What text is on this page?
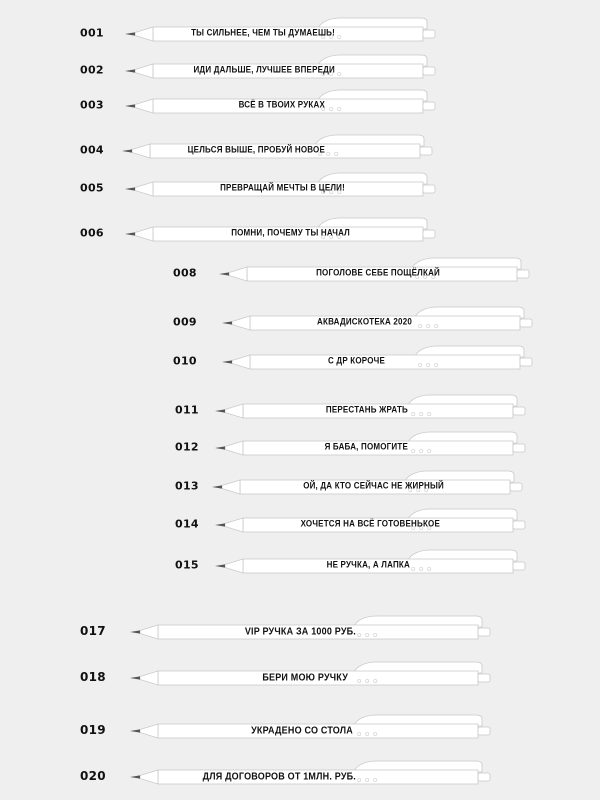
001	ТЫ СИЛЬНЕЕ, ЧЕМ ТЫ ДУМАЕШЬ!
002	ИДИ ДАЛЬШЕ, ЛУЧШЕЕ ВПЕРЕДИ
003	ВСЁ В ТВОИХ РУКАХ
004	ЦЕЛЬСЯ ВЫШЕ, ПРОБУЙ НОВОЕ
005	ПРЕВРАЩАЙ МЕЧТЫ В ЦЕЛИ!
006	ПОМНИ, ПОЧЕМУ ТЫ НАЧАЛ
008	ПОГОЛОВЕ СЕБЕ ПОЩЁЛКАЙ
009	АКВАДИСКОТЕКА 2020
010	С ДР КОРОЧЕ
011	ПЕРЕСТАНЬ ЖРАТЬ
012	Я БАБА, ПОМОГИТЕ
013	ОЙ, ДА КТО СЕЙЧАС НЕ ЖИРНЫЙ
014	ХОЧЕТСЯ НА ВСЁ ГОТОВЕНЬКОЕ
015	НЕ РУЧКА, А ЛАПКА
017	VIP РУЧКА ЗА 1000 РУБ.
018	БЕРИ МОЮ РУЧКУ
019	УКРАДЕНО СО СТОЛА
020	ДЛЯ ДОГОВОРОВ ОТ 1МЛН. РУБ.
